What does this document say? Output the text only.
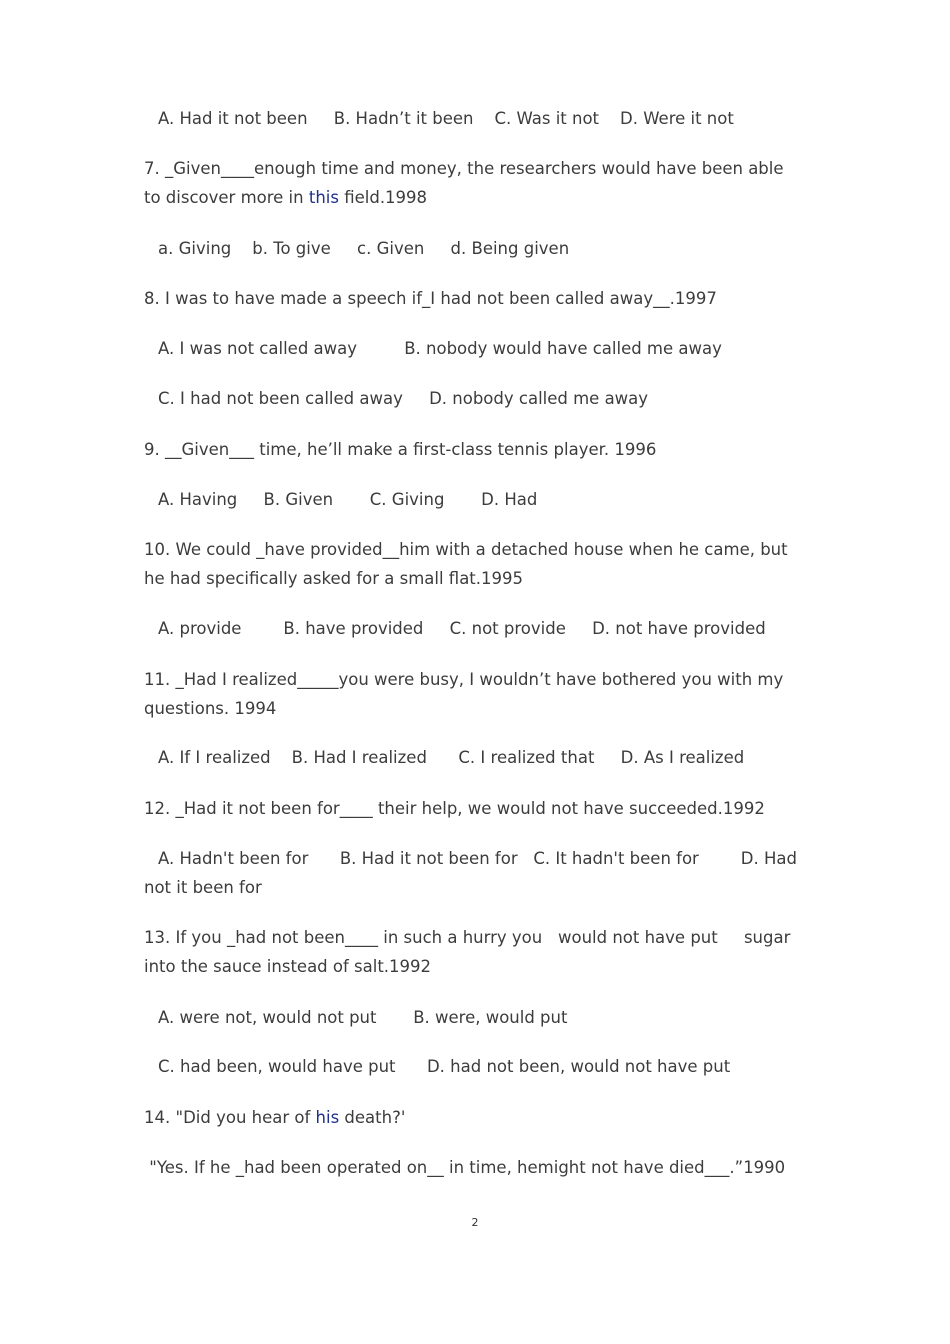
A. Had it not been     B. Hadn’t it been    C. Was it not    D. Were it not
7. _Given____enough time and money, the researchers would have been able
to discover more in this field.1998
a. Giving    b. To give     c. Given     d. Being given
8. I was to have made a speech if_I had not been called away__.1997
A. I was not called away         B. nobody would have called me away
C. I had not been called away     D. nobody called me away
9. __Given___ time, he’ll make a first-class tennis player. 1996
A. Having     B. Given       C. Giving       D. Had
10. We could _have provided__him with a detached house when he came, but
he had specifically asked for a small flat.1995
A. provide        B. have provided     C. not provide     D. not have provided
11. _Had I realized_____you were busy, I wouldn’t have bothered you with my
questions. 1994
A. If I realized    B. Had I realized      C. I realized that     D. As I realized
12. _Had it not been for____ their help, we would not have succeeded.1992
A. Hadn't been for      B. Had it not been for   C. It hadn't been for        D. Had
not it been for
13. If you _had not been____ in such a hurry you   would not have put     sugar
into the sauce instead of salt.1992
A. were not, would not put       B. were, would put
C. had been, would have put      D. had not been, would not have put
14. "Did you hear of his death?'
"Yes. If he _had been operated on__ in time, hemight not have died___.”1990
2
